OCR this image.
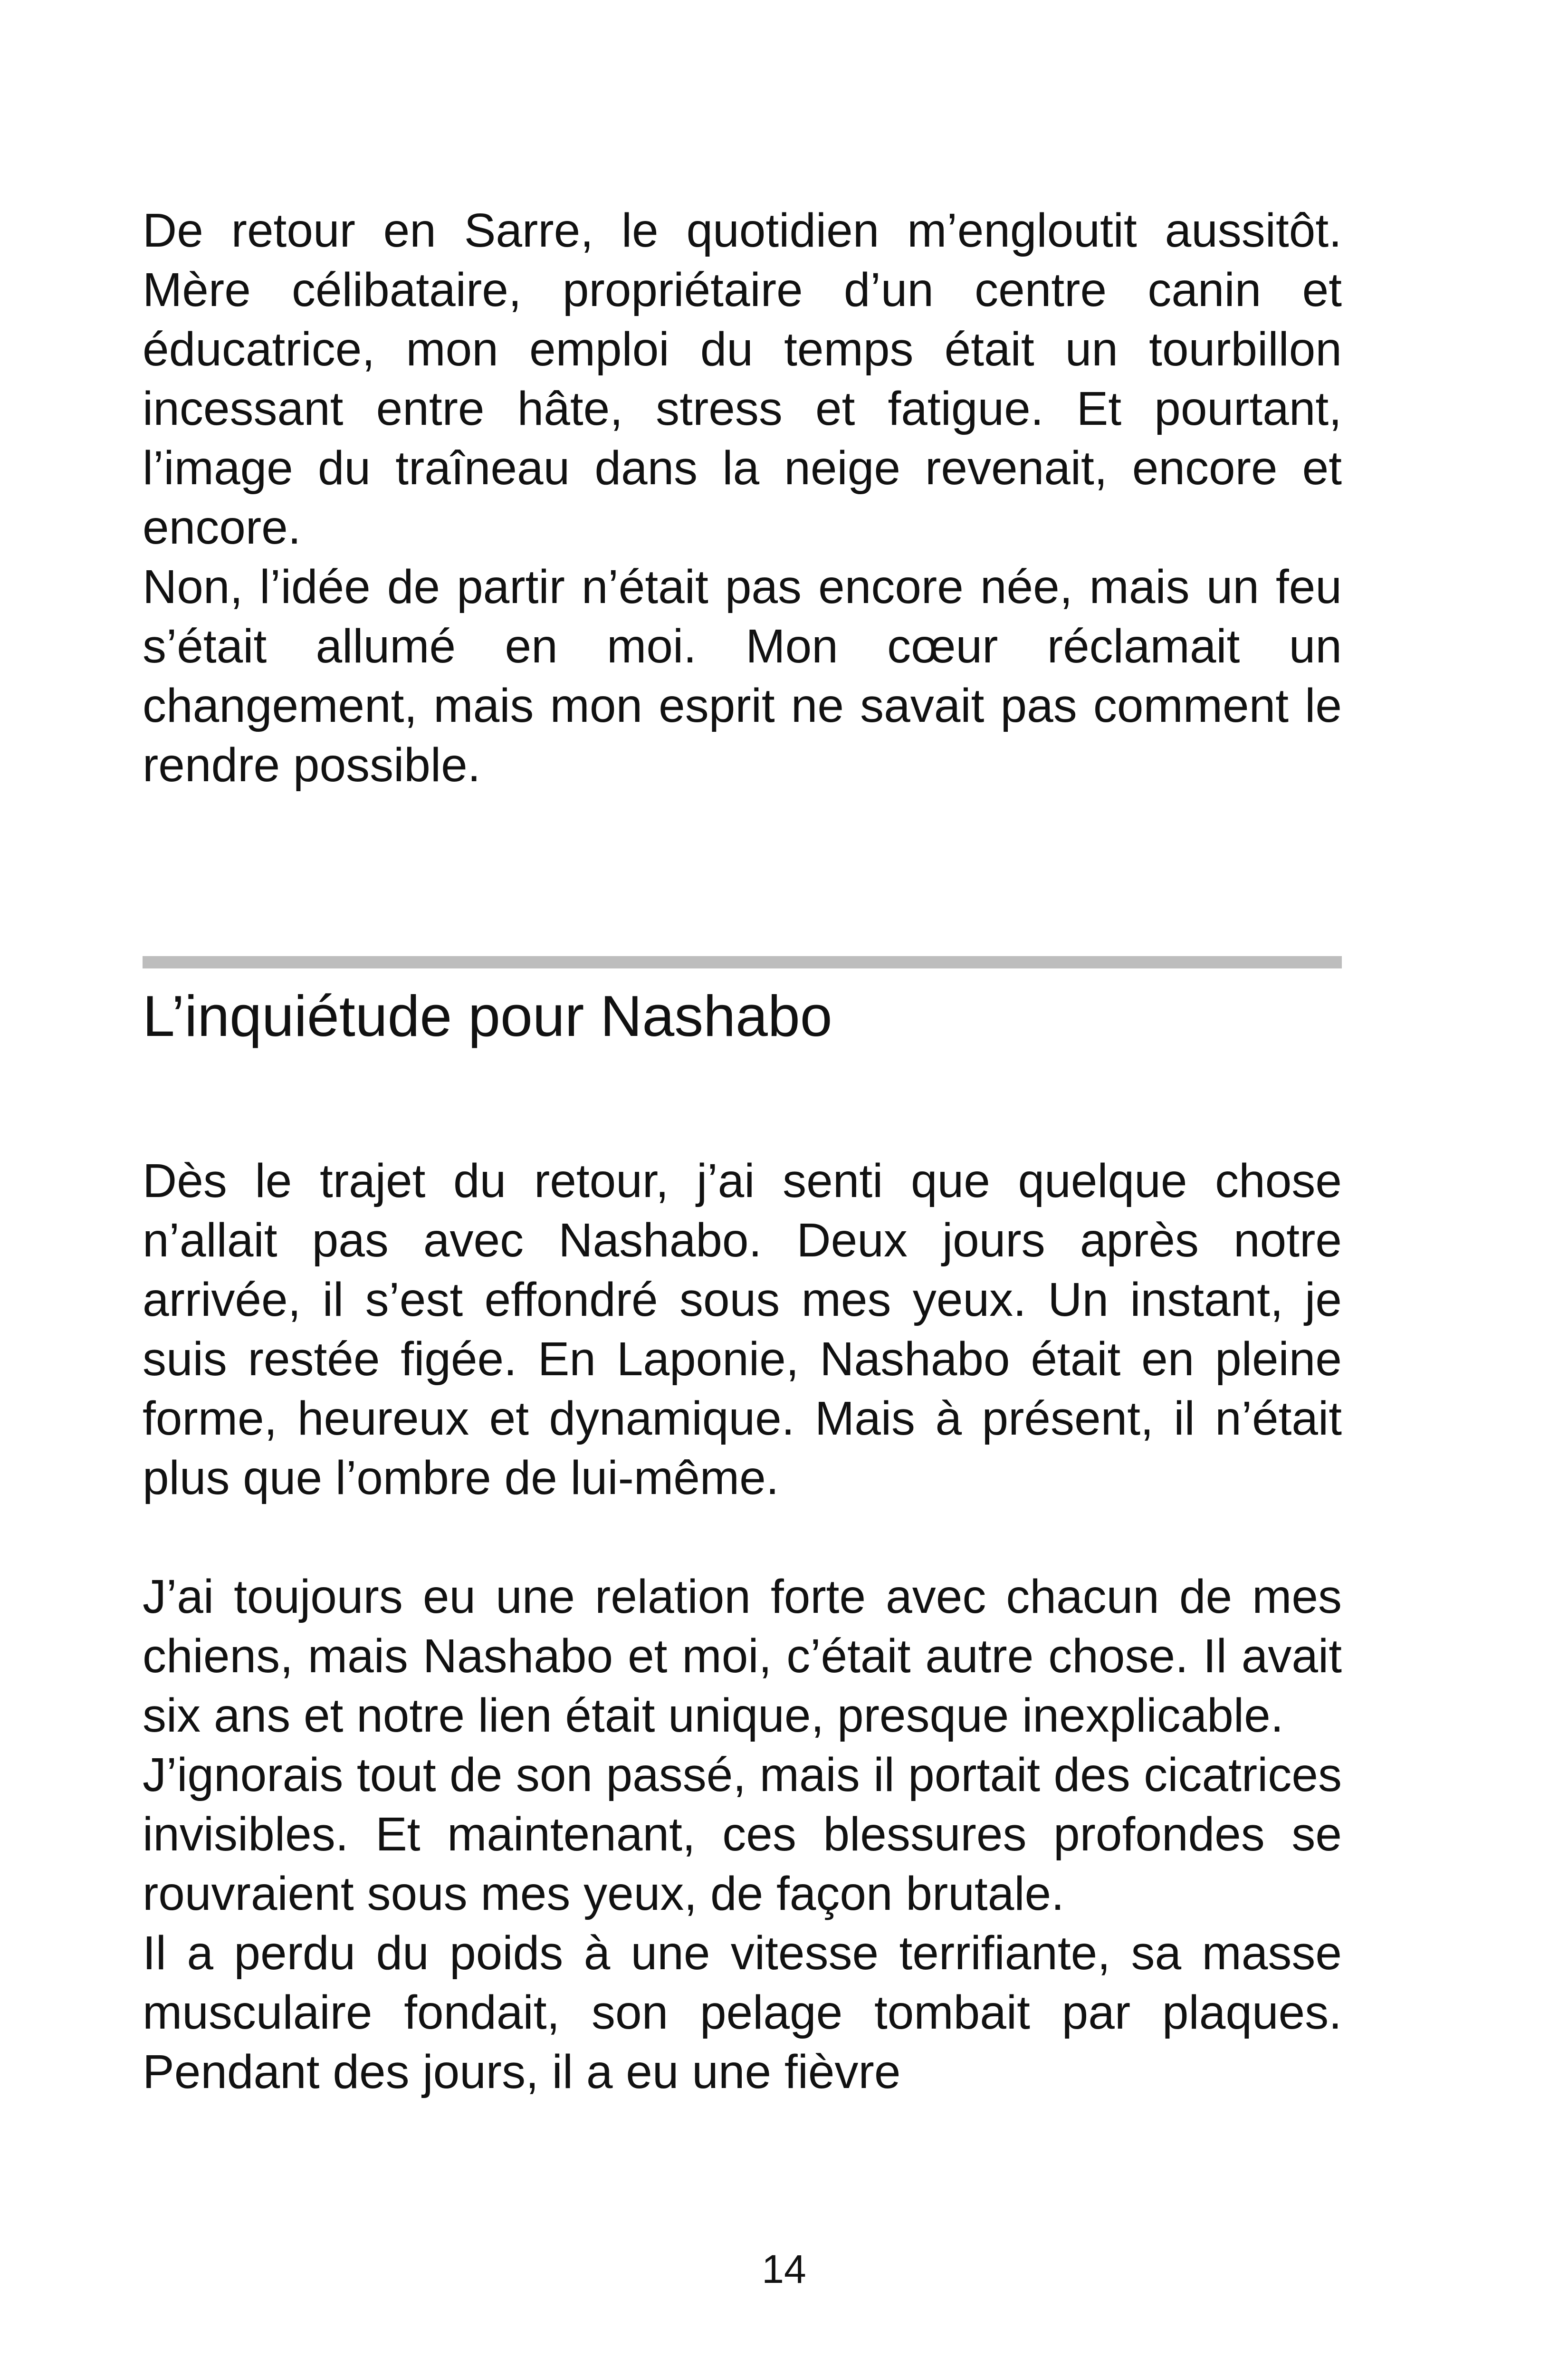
De retour en Sarre, le quotidien m’engloutit aussitôt. Mère célibataire, propriétaire d’un centre canin et éducatrice, mon emploi du temps était un tourbillon incessant entre hâte, stress et fatigue. Et pourtant, l’image du traîneau dans la neige revenait, encore et encore.

Non, l’idée de partir n’était pas encore née, mais un feu s’était allumé en moi. Mon cœur réclamait un changement, mais mon esprit ne savait pas comment le rendre possible.

L’inquiétude pour Nashabo

Dès le trajet du retour, j’ai senti que quelque chose n’allait pas avec Nashabo. Deux jours après notre arrivée, il s’est effondré sous mes yeux. Un instant, je suis restée figée. En Laponie, Nashabo était en pleine forme, heureux et dynamique. Mais à présent, il n’était plus que l’ombre de lui-même.

J’ai toujours eu une relation forte avec chacun de mes chiens, mais Nashabo et moi, c’était autre chose. Il avait six ans et notre lien était unique, presque inexplicable.

J’ignorais tout de son passé, mais il portait des cicatrices invisibles. Et maintenant, ces blessures profondes se rouvraient sous mes yeux, de façon brutale.

Il a perdu du poids à une vitesse terrifiante, sa masse musculaire fondait, son pelage tombait par plaques. Pendant des jours, il a eu une fièvre

14
